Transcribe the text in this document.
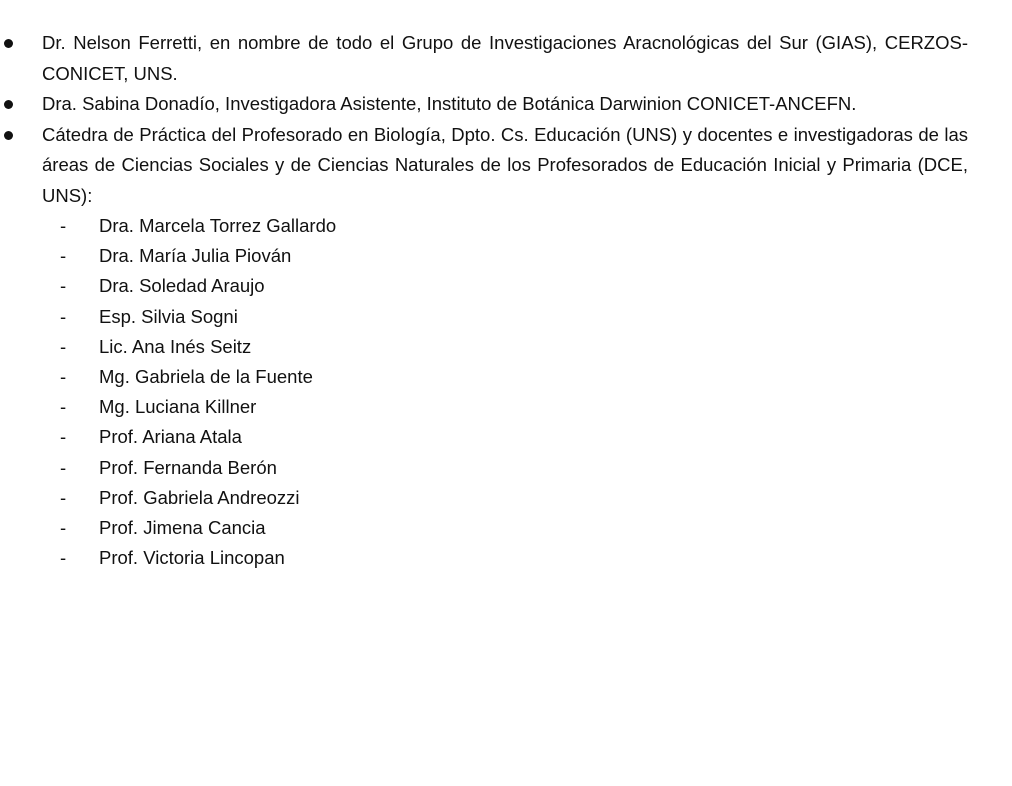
Dr. Nelson Ferretti, en nombre de todo el Grupo de Investigaciones Aracnológicas del Sur (GIAS), CERZOS-CONICET, UNS.
Dra. Sabina Donadío, Investigadora Asistente, Instituto de Botánica Darwinion CONICET-ANCEFN.
Cátedra de Práctica del Profesorado en Biología, Dpto. Cs. Educación (UNS) y docentes e investigadoras de las áreas de Ciencias Sociales y de Ciencias Naturales de los Profesorados de Educación Inicial y Primaria (DCE, UNS):
- Dra. Marcela Torrez Gallardo
- Dra. María Julia Piován
- Dra. Soledad Araujo
- Esp. Silvia Sogni
- Lic. Ana Inés Seitz
- Mg. Gabriela de la Fuente
- Mg. Luciana Killner
- Prof. Ariana Atala
- Prof. Fernanda Berón
- Prof. Gabriela Andreozzi
- Prof. Jimena Cancia
- Prof. Victoria Lincopan
